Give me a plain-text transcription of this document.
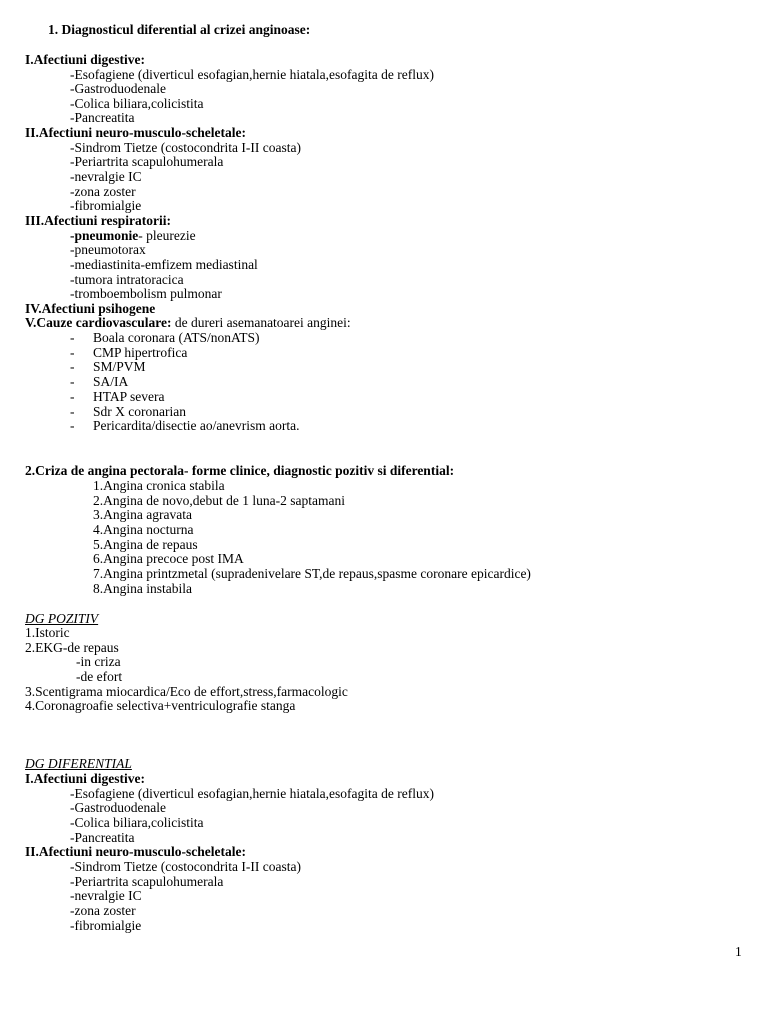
1. Diagnosticul diferential al crizei anginoase:
I.Afectiuni digestive:
-Esofagiene (diverticul esofagian,hernie hiatala,esofagita de reflux)
-Gastroduodenale
-Colica biliara,colicistita
-Pancreatita
II.Afectiuni neuro-musculo-scheletale:
-Sindrom Tietze (costocondrita I-II coasta)
-Periartrita scapulohumerala
-nevralgie IC
-zona zoster
-fibromialgie
III.Afectiuni respiratorii:
-pneumonie- pleurezie
-pneumotorax
-mediastinita-emfizem mediastinal
-tumora intratoracica
-tromboembolism pulmonar
IV.Afectiuni psihogene
V.Cauze cardiovasculare: de dureri asemanatoarei anginei:
- Boala coronara (ATS/nonATS)
- CMP hipertrofica
- SM/PVM
- SA/IA
- HTAP severa
- Sdr X coronarian
- Pericardita/disectie ao/anevrism aorta.
2.Criza de angina pectorala- forme clinice, diagnostic pozitiv si diferential:
1.Angina cronica stabila
2.Angina de novo,debut de 1 luna-2 saptamani
3.Angina agravata
4.Angina nocturna
5.Angina de repaus
6.Angina precoce post IMA
7.Angina printzmetal (supradenivelare ST,de repaus,spasme coronare epicardice)
8.Angina instabila
DG POZITIV
1.Istoric
2.EKG-de repaus
-in criza
-de efort
3.Scentigrama miocardica/Eco de effort,stress,farmacologic
4.Coronagroafie selectiva+ventriculografie stanga
DG DIFERENTIAL
I.Afectiuni digestive:
-Esofagiene (diverticul esofagian,hernie hiatala,esofagita de reflux)
-Gastroduodenale
-Colica biliara,colicistita
-Pancreatita
II.Afectiuni neuro-musculo-scheletale:
-Sindrom Tietze (costocondrita I-II coasta)
-Periartrita scapulohumerala
-nevralgie IC
-zona zoster
-fibromialgie
1
